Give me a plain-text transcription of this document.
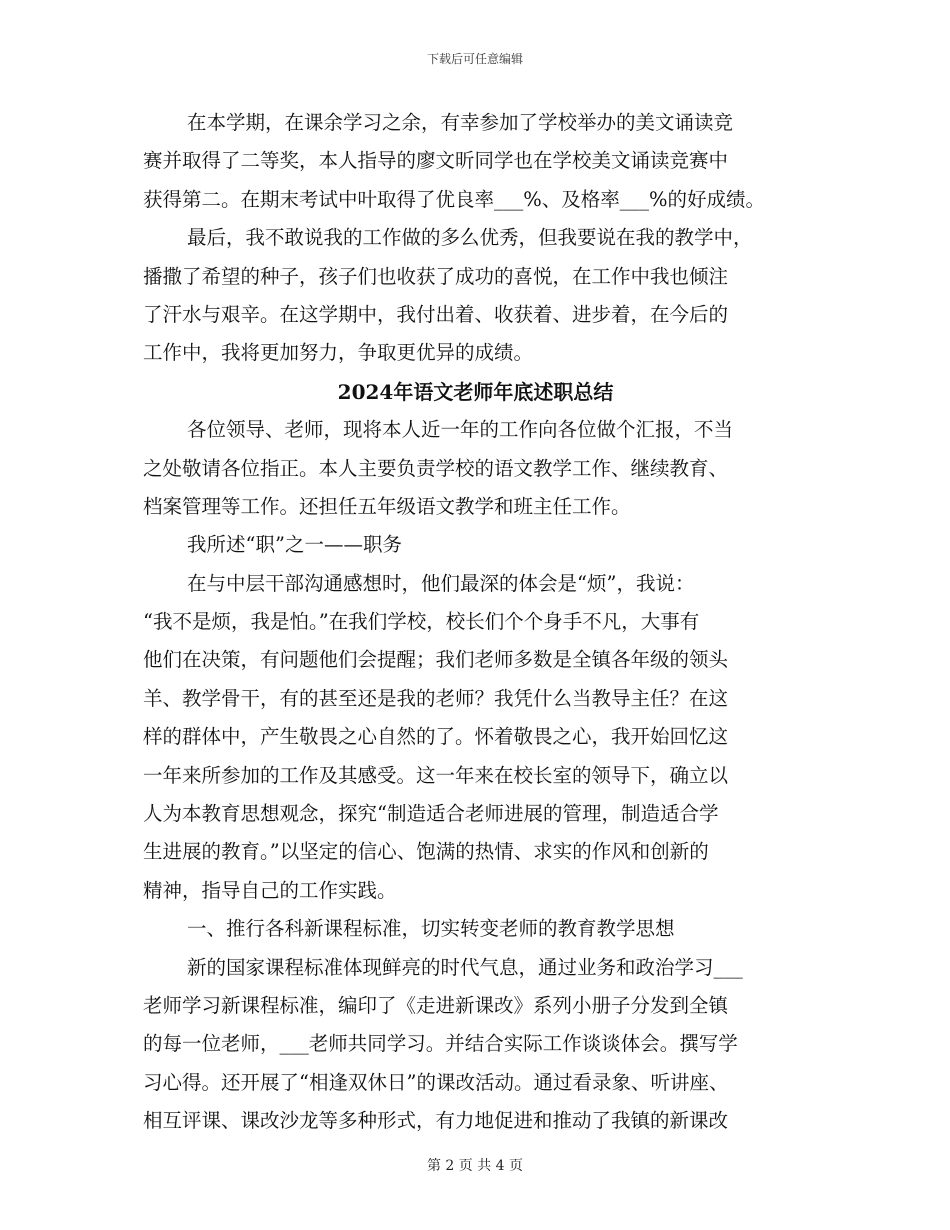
下载后可任意编辑
在本学期，在课余学习之余，有幸参加了学校举办的美文诵读竞
赛并取得了二等奖，本人指导的廖文昕同学也在学校美文诵读竞赛中
获得第二。在期末考试中叶取得了优良率___%、及格率___%的好成绩。
最后，我不敢说我的工作做的多么优秀，但我要说在我的教学中，
播撒了希望的种子，孩子们也收获了成功的喜悦，在工作中我也倾注
了汗水与艰辛。在这学期中，我付出着、收获着、进步着，在今后的
工作中，我将更加努力，争取更优异的成绩。
2024年语文老师年底述职总结
各位领导、老师，现将本人近一年的工作向各位做个汇报，不当
之处敬请各位指正。本人主要负责学校的语文教学工作、继续教育、
档案管理等工作。还担任五年级语文教学和班主任工作。
我所述“职”之一——职务
在与中层干部沟通感想时，他们最深的体会是“烦”，我说：
“我不是烦，我是怕。”在我们学校，校长们个个身手不凡，大事有
他们在决策，有问题他们会提醒；我们老师多数是全镇各年级的领头
羊、教学骨干，有的甚至还是我的老师？我凭什么当教导主任？在这
样的群体中，产生敬畏之心自然的了。怀着敬畏之心，我开始回忆这
一年来所参加的工作及其感受。这一年来在校长室的领导下，确立以
人为本教育思想观念，探究“制造适合老师进展的管理，制造适合学
生进展的教育。”以坚定的信心、饱满的热情、求实的作风和创新的
精神，指导自己的工作实践。
一、推行各科新课程标准，切实转变老师的教育教学思想
新的国家课程标准体现鲜亮的时代气息，通过业务和政治学习___
老师学习新课程标准，编印了《走进新课改》系列小册子分发到全镇
的每一位老师，___老师共同学习。并结合实际工作谈谈体会。撰写学
习心得。还开展了“相逢双休日”的课改活动。通过看录象、听讲座、
相互评课、课改沙龙等多种形式，有力地促进和推动了我镇的新课改
第 2 页 共 4 页
